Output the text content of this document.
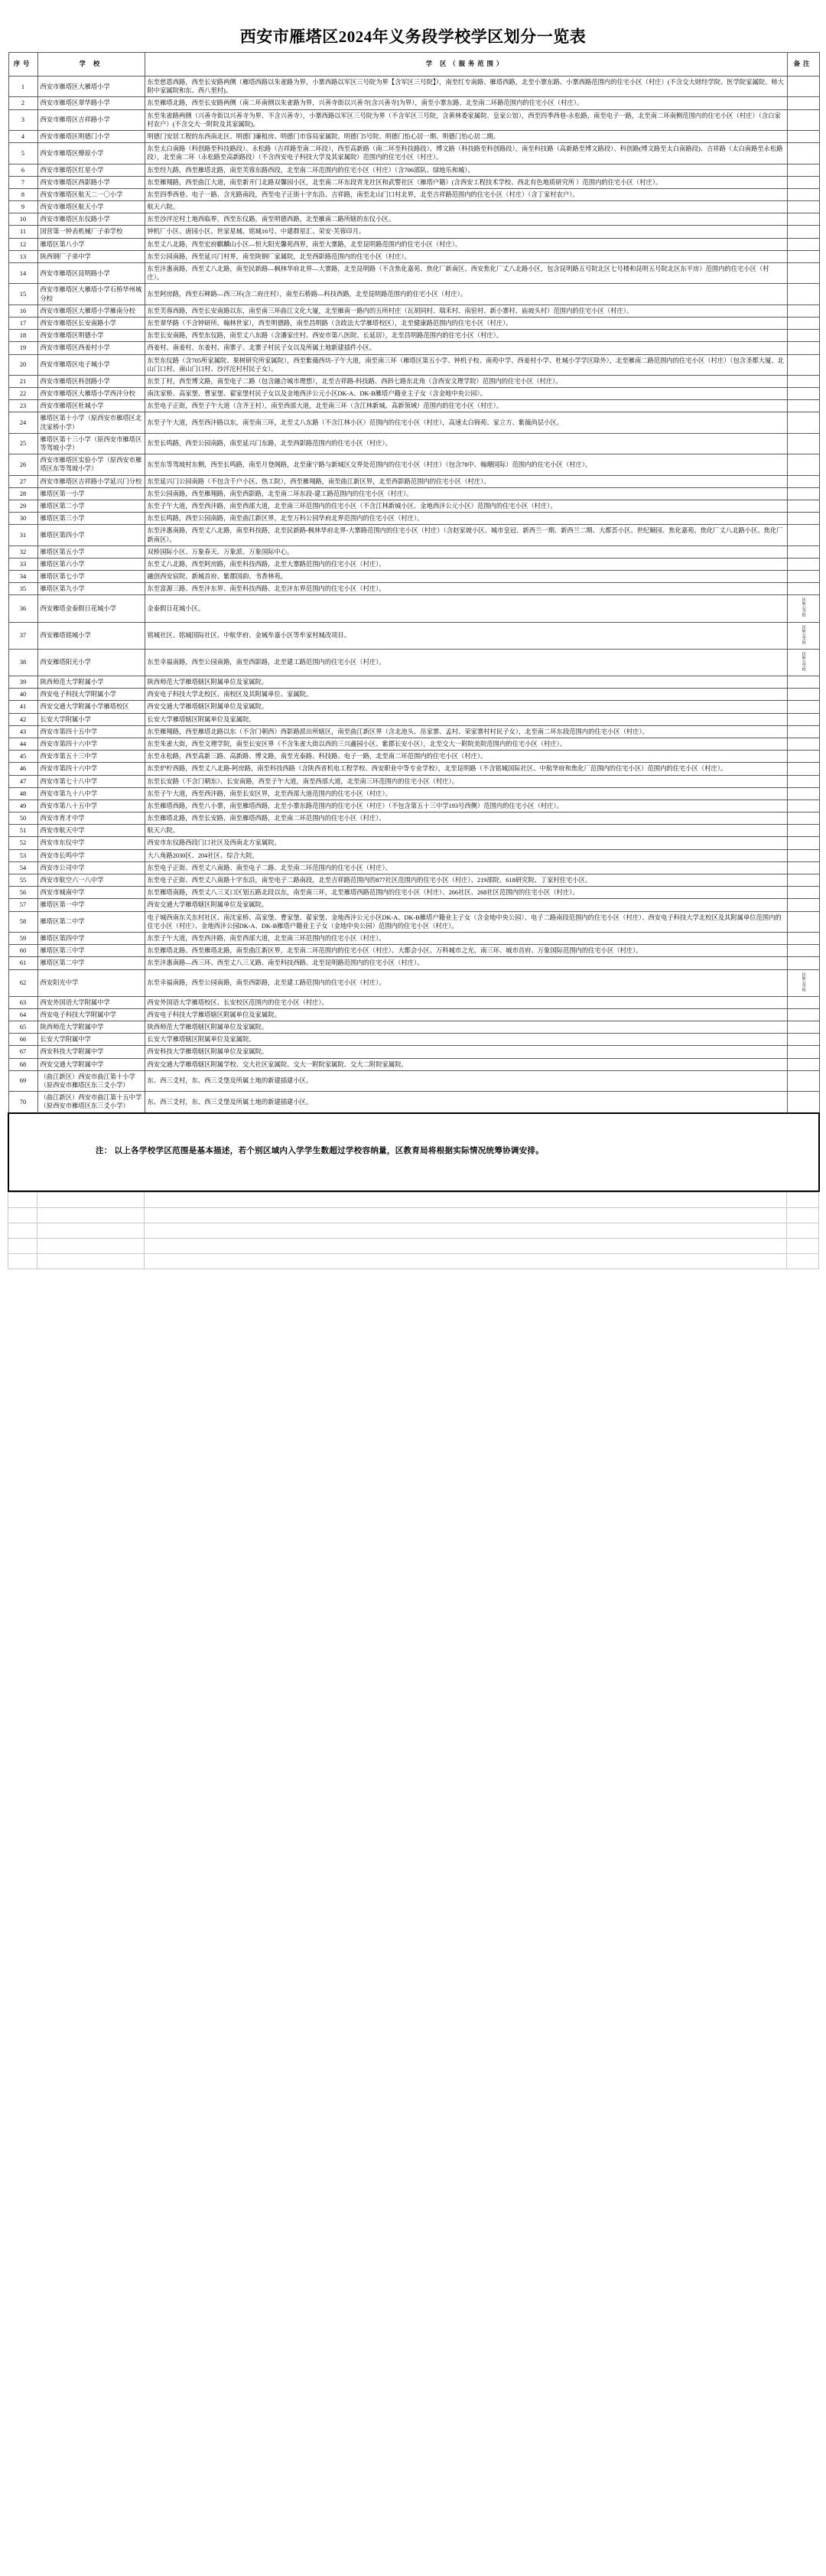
西安市雁塔区2024年义务段学校学区划分一览表
序号	学 校	学 区（服务范围）	备注
1	西安市雁塔区大雁塔小学	东至慈恩西路，西至长安路两侧（雁塔西路以朱雀路为界，小寨西路以军区三号院为界【含军区三号院】），南至红专南路、雁塔西路，北至小寨东路、小寨西路范围内的住宅小区（村庄）(不含交大财经学院、医学院家属院、师大附中家属院和东、西八里村)。	
2	西安市雁塔区翠华路小学	东至雁塔北路，西至长安路两侧（南二环南侧以朱雀路为界，兴善寺街以兴善寺[含兴善寺]为界），南至小寨东路、北至南二环路范围内的住宅小区（村庄）。	
3	西安市雁塔区吉祥路小学	东至朱雀路两侧（兴善寺街以兴善寺为界、不含兴善寺），小寨西路以军区三号院为界（不含军区三号院，含黄林委家属院、皇家公馆），西至四季西巷-永松路，南至电子一路，北至南二环南侧范围内的住宅小区（村庄）（含白家村农户）(不含交大一附院及其家属院)。	
4	西安市雁塔区明德门小学	明德门安居工程的东西南北区、明德门廉租房、明德门市容局家属院、明德门5号院、明德门怡心居一期、明德门怡心居二期。	
5	西安市雁塔区燎原小学	东至太白南路（科创路至科技路段）、永松路（吉祥路至南二环段），西至高新路（南二环至科技路段）、博文路（科技路至科创路段），南至科技路（高新路至博文路段）、科创路(博文路至太白南路段)、吉祥路（太白南路至永松路段），北至南二环（永松路至高新路段）（不含西安电子科技大学及其家属院）范围内的住宅小区（村庄）。	
6	西安市雁塔区红星小学	东至经九路，西至雁塔北路，南至芙蓉东路西段，北至南二环范围内的住宅小区（村庄）（含706部队、绿地乐和城）。	
7	西安市雁塔区西影路小学	东至雁翔路，西至曲江大道，南至新开门北路双馨园小区，北至南二环东段青龙社区和武警社区（雁塔户籍）(含西安工程技术学校、西北有色地质研究所 ）范围内的住宅小区（村庄）。	
8	西安市雁塔区航天二一〇小学	东至四季西巷、电子一路、含光路南段，西至电子正街十字东沿、吉祥路，南至北山门口村北界，北至吉祥路范围内的住宅小区（村庄）（含丁家村农户）。	
9	西安市雁塔区航天小学	航天六院。	
10	西安市雁塔区东仪路小学	东至沙泙沱村土地西临界，西至东仪路，南至明德西路，北至雁南二路所辖的东仪小区。	
11	国营第一钟表机械厂子弟学校	钟机厂小区、唐园小区、世家星城、铭城16号、中建群星汇、荣安·芙蓉印月。	
12	雁塔区第八小学	东至丈八北路，西至宏府麒麟山小区—恒大阳光馨苑西界，南至大寨路，北至昆明路范围内的住宅小区（村庄）。	
13	陕西钢厂子弟中学	东至公园南路，西至延兴门村界，南至陕钢厂家属院，北至西影路范围内的住宅小区（村庄）。	
14	西安市雁塔区昆明路小学	东至沣惠南路，西至丈八北路，南至民新路—枫林华府北界—大寨路，北至昆明路（不含焦化嘉苑、焦化厂新南区、西安焦化厂丈八北路小区，包含昆明路五号院北区七号楼和昆明五号院北区东平房）范围内的住宅小区（村庄）。	
15	西安市雁塔区大雁塔小学石桥华州城分校	东至阿房路，西至石释路—西三环(含二府庄村），南至石桥路—科技西路，北至昆明路范围内的住宅小区（村庄）。	
16	西安市雁塔区大雁塔小学雁南分校	东至芙蓉西路，西至长安南路以东，南至南三环曲江文化大厦，北至雁南一路内的五所村庄（瓦胡同村、瑞禾村、南窑村、新小寨村、庙坡头村）范围内的住宅小区（村庄）。	
17	西安市雁塔区长安南路小学	东至翠华路（不含钟研所、翰林世家），西至明德路，南至昌明路（含政法大学雁塔校区），北至健康路范围内的住宅小区（村庄）。	
18	西安市雁塔区明德小学	东至长安南路，西至东仪路，南至丈八东路（含潘家庄村、西安市第八医院、长延居），北至昌明路范围内的住宅小区（村庄）。	
19	西安市雁塔区西姜村小学	西姜村、南姜村、东姜村、南寨子、北寨子村民子女以及所属土地新建插件小区。	
20	西安市雁塔区电子城小学	东至东仪路（含705所家属院、果树研究所家属院），西至紫薇西坊-子午大道，南至南三环（雁塔区第五小学、钟机子校、南苑中学、西姜村小学、杜城小学学区除外），北至雁南二路范围内的住宅小区（村庄）（包含圣都大厦、北山门口村、南山门口村、沙泙沱村村民子女）。	
21	西安市雁塔区科创路小学	东至丁村，西至博文路，南至电子二路（包含融合城市理想），北至吉祥路-科技路、西斜七路东北角（含西安文理学院）范围内的住宅小区（村庄）。	
22	西安市雁塔区大雁塔小学西沣分校	南沈家桥、高家堡、曹家堡、翟家堡村民子女以及金地西沣公元小区DK-A、DK-B雁塔户籍业主子女（含金地中央公园）。	
23	西安市雁塔区杜城小学	东至电子正街，西至子午大道（含齐王村），南至西部大道，北至南三环（含江林新城、高新领域）范围内的住宅小区（村庄）。	
24	雁塔区第十小学（原西安市雁塔区北沈家桥小学）	东至子午大道，西至西沣路以东，南至南三环，北至丈八东路（不含江林小区）范围内的住宅小区（村庄），高速太白锦苑、家立方、紫薇尚层小区。	
25	雁塔区第十三小学（原西安市雁塔区等驾坡小学）	东至长鸣路，西至公园南路，南至延兴门东路，北至西影路范围内的住宅小区（村庄）。	
26	西安市雁塔区实验小学（原西安市雁塔区东等驾坡小学）	东至东等驾坡村东侧，西至长鸣路，南至月登阁路，北至康宁路与新城区交界处范围内的住宅小区（村庄）（包含78中、翰珊国际）范围内的住宅小区（村庄）。	
27	西安市雁塔区吉祥路小学延兴门分校	东至延兴门公园南路（不包含千户小区、热工院），西至雁翔路，南至曲江新区界，北至西影路范围内的住宅小区（村庄）。	
28	雁塔区第一小学	东至公园南路，西至雁翔路，南至西影路，北至南二环东段-建工路范围内的住宅小区（村庄）。	
29	雁塔区第二小学	东至子午大道，西至西沣路，南至西部大道，北至南三环范围内的住宅小区（不含江林新城小区、金地西沣公元小区）范围内的住宅小区（村庄）。	
30	雁塔区第三小学	东至长鸣路，西至公园南路，南至曲江新区界，北至万科公园华府北界范围内的住宅小区（村庄）。	
31	雁塔区第四小学	东至沣惠南路，西至丈八北路，南至科技路，北至民新路-枫林华府北界-大寨路范围内的住宅小区（村庄）（含赵家坡小区、城市皇冠、新西兰一期、新西兰二期、大都荟小区、世纪颐园、焦化嘉苑、焦化厂丈八北路小区、焦化厂新南区）。	
32	雁塔区第五小学	双桥国际小区、万象春天、万象派、万象国际中心。	
33	雁塔区第六小学	东至丈八北路，西至阿房路，南至科技西路，北至大寨路范围内的住宅小区（村庄）。	
34	雁塔区第七小学	融创西安宸院、新城首府、紫郡国韵、书香林苑。	
35	雁塔区第九小学	东至富源三路、西至沣东界、南至科技西路、北至沣东界范围内的住宅小区（村庄）。	
36	西安雁塔金泰假日花城小学	金泰假日花城小区。	民转公学校
37	西安雁塔铭城小学	铭城社区、铭城国际社区、中航华府、金城牟嘉小区等牟家村城改项目。	民转公学校
38	西安雁塔阳光小学	东至幸福南路，西至公园南路，南至西影路，北至建工路范围内的住宅小区（村庄）。	民转公学校
39	陕西师范大学附属小学	陕西师范大学雁塔辖区附属单位及家属院。	
40	西安电子科技大学附属小学	西安电子科技大学北校区、南校区及其附属单位、家属院。	
41	西安交通大学附属小学雁塔校区	西安交通大学雁塔辖区附属单位及家属院。	
42	长安大学附属小学	长安大学雁塔辖区附属单位及家属院。	
43	西安市第四十五中学	东至雁翔路，西至雁塔北路以东（不含门朝西）西影路派出所辖区，南至曲江新区界（含北池头、岳家寨、孟村、荣家寨村村民子女），北至南二环东段范围内的住宅小区（村庄）。	
44	西安市第四十六中学	东至朱雀大街，西至文理学院，南至长安区界（不含朱雀大街以西的三兴鑫园小区、紫郡长安小区），北至交大一附院美院范围内的住宅小区（村庄）。	
45	西安市第五十三中学	东至永松路，西至高新三路、高新路、博文路，南至光泰路、科技路、电子一路，北至南二环范围内的住宅小区（村庄）。	
46	西安市第四十六中学	东至炉柠西路，西至丈八北路-阿房路，南至科技西路（含陕西省机电工程学校、西安职业中等专业学校），北至昆明路（不含铭城国际社区、中航华府和焦化厂范围内的住宅小区）范围内的住宅小区（村庄）。	
47	西安市第七十八中学	东至长安路（不含门朝东）、长安南路，西至子午大道，南至西部大道，北至南三环范围内的住宅小区（村庄）。	
48	西安市第九十八中学	东至子午大道，西至西沣路，南至长安区界，北至西部大道范围内的住宅小区（村庄）。	
49	西安市第八十五中学	东至雁塔西路，西至八小寨，南至雁塔西路，北至小寨东路范围内的住宅小区（村庄）（不包含第五十三中学193号西侧）范围内的住宅小区（村庄）。	
50	西安市育才中学	东至雁塔北路，西至长安路，南至雁塔西路，北至南二环范围内的住宅小区（村庄）。	
51	西安市航天中学	航天六院。	
52	西安市东仪中学	西安市东仪路西段门口社区及西南北方家属院。	
53	西安市长鸣中学	大八角路2030区、204社区、综合大院。	
54	西安市公司中学	东至电子正街、西至丈八南路、南至电子二路、北至南二环范围内的住宅小区（村庄）。	
55	西安市航空六一八中学	东至电子正街、西至丈八南路十字东沿，南至电子二路南段，北至吉祥路范围内的877社区范围内的住宅小区（村庄）、219部院、618研究院、丁家村住宅小区。	
56	西安市城南中学	东至雁塔南路，西至丈八三叉口区划五路北段以东，南至南三环，北至雁塔西路范围内的住宅小区（村庄）、266社区、268社区范围内的住宅小区（村庄）。	
57	雁塔区第一中学	西安交通大学雁塔辖区附属单位及家属院。	
58	雁塔区第二中学	电子城西南东关东村社区、南沈家桥、高家堡、曹家堡、翟家堡、金地西沣公元小区DK-A、DK-B雁塔户籍业主子女（含金地中央公园）、电子二路南段范围内的住宅小区（村庄）、西安电子科技大学北校区及其附属单位范围内的住宅小区（村庄）、金地西沣公园DK-A、DK-B雁塔户籍业主子女（金地中央公园）范围内的住宅小区（村庄）。	
59	雁塔区第四中学	东至子午大道，西至西沣路，南至西部大道，北至南三环范围内的住宅小区（村庄）。	
60	雁塔区第三中学	东至雁塔北路、西至雁塔北路，南至曲江新区界，北至南二环范围内的住宅小区（村庄）、大都会小区、万科城市之光、南三环、城市首府、万象国际范围内的住宅小区（村庄）。	
61	雁塔区第二中学	东至沣惠南路—西三环、西至丈八三叉路、南至科技西路、北至昆明路范围内的住宅小区（村庄）。	
62	西安阳光中学	东至幸福南路，西至公园南路，南至西影路，北至建工路范围内的住宅小区（村庄）。	民转公学校
63	西安外国语大学附属中学	西安外国语大学雁塔校区、长安校区范围内的住宅小区（村庄）。	
64	西安电子科技大学附属中学	西安电子科技大学雁塔辖区附属单位及家属院。	
65	陕西师范大学附属中学	陕西师范大学雁塔辖区附属单位及家属院。	
66	长安大学附属中学	长安大学雁塔辖区附属单位及家属院。	
67	西安科技大学附属中学	西安科技大学雁塔辖区附属单位及家属院。	
68	西安交通大学附属中学	西安交通大学雁塔辖区附属学校、交大社区家属院、交大一附院家属院、交大二附院家属院。	
69	（曲江新区）西安市曲江第十小学（原西安市雁塔区东三爻小学）	东、西三爻村，东、西三爻堡及所属土地的新建插建小区。	
70	（曲江新区）西安市曲江第十五中学（原西安市雁塔区东三爻小学）	东、西三爻村，东、西三爻堡及所属土地的新建插建小区。	

注： 以上各学校学区范围是基本描述，若个别区域内入学学生数超过学校容纳量，区教育局将根据实际情况统筹协调安排。			
